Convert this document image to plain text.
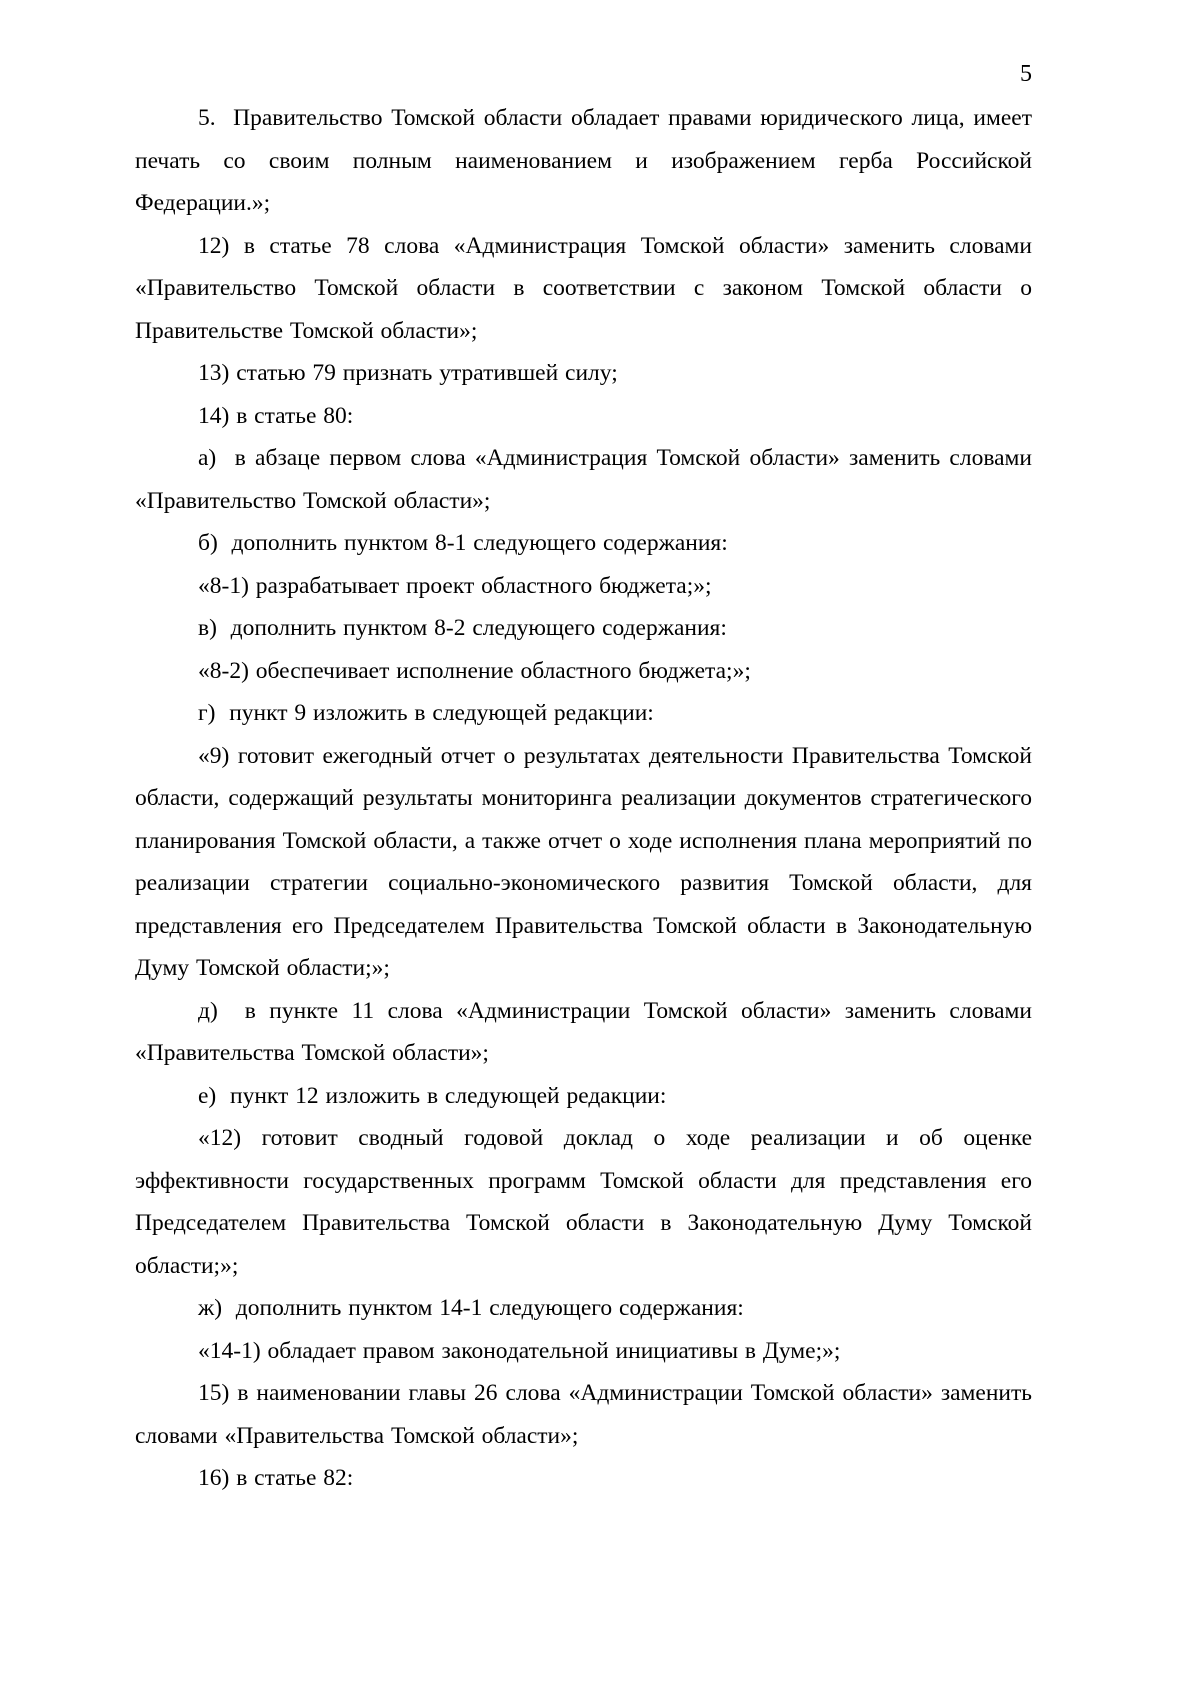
5

5.  Правительство Томской области обладает правами юридического лица, имеет печать со своим полным наименованием и изображением герба Российской Федерации.»;

12) в статье 78 слова «Администрация Томской области» заменить словами «Правительство Томской области в соответствии с законом Томской области о Правительстве Томской области»;

13) статью 79 признать утратившей силу;

14) в статье 80:

а)  в абзаце первом слова «Администрация Томской области» заменить словами «Правительство Томской области»;

б)  дополнить пунктом 8-1 следующего содержания:

«8-1) разрабатывает проект областного бюджета;»;

в)  дополнить пунктом 8-2 следующего содержания:

«8-2) обеспечивает исполнение областного бюджета;»;

г)  пункт 9 изложить в следующей редакции:

«9) готовит ежегодный отчет о результатах деятельности Правительства Томской области, содержащий результаты мониторинга реализации документов стратегического планирования Томской области, а также отчет о ходе исполнения плана мероприятий по реализации стратегии социально-экономического развития Томской области, для представления его Председателем Правительства Томской области в Законодательную Думу Томской области;»;

д)  в пункте 11 слова «Администрации Томской области» заменить словами «Правительства Томской области»;

е)  пункт 12 изложить в следующей редакции:

«12) готовит сводный годовой доклад о ходе реализации и об оценке эффективности государственных программ Томской области для представления его Председателем Правительства Томской области в Законодательную Думу Томской области;»;

ж)  дополнить пунктом 14-1 следующего содержания:

«14-1) обладает правом законодательной инициативы в Думе;»;

15) в наименовании главы 26 слова «Администрации Томской области» заменить словами «Правительства Томской области»;

16) в статье 82:
